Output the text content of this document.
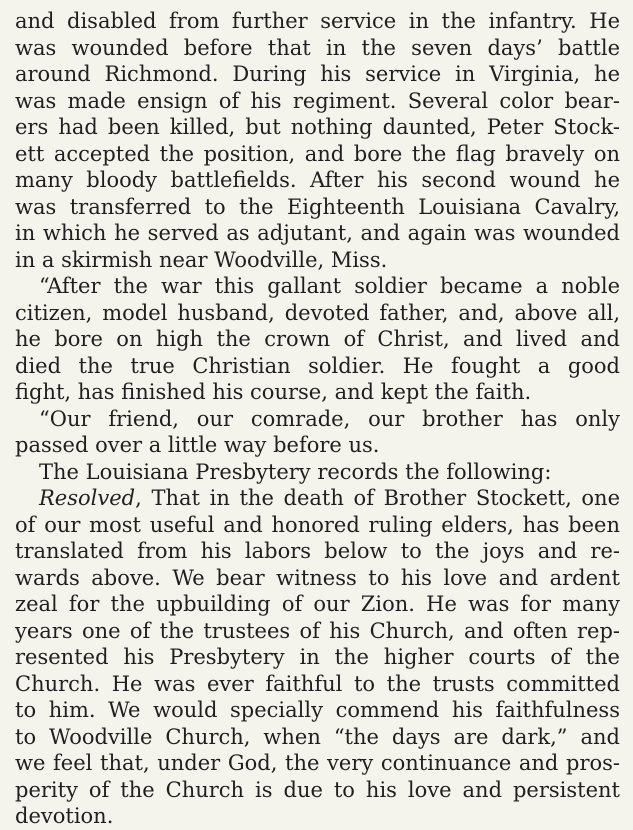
and disabled from further service in the infantry. He
was wounded before that in the seven days’ battle
around Richmond. During his service in Virginia, he
was made ensign of his regiment. Several color bear-
ers had been killed, but nothing daunted, Peter Stock-
ett accepted the position, and bore the flag bravely on
many bloody battlefields. After his second wound he
was transferred to the Eighteenth Louisiana Cavalry,
in which he served as adjutant, and again was wounded
in a skirmish near Woodville, Miss.
“After the war this gallant soldier became a noble
citizen, model husband, devoted father, and, above all,
he bore on high the crown of Christ, and lived and
died the true Christian soldier. He fought a good
fight, has finished his course, and kept the faith.
“Our friend, our comrade, our brother has only
passed over a little way before us.
The Louisiana Presbytery records the following:
Resolved, That in the death of Brother Stockett, one
of our most useful and honored ruling elders, has been
translated from his labors below to the joys and re-
wards above. We bear witness to his love and ardent
zeal for the upbuilding of our Zion. He was for many
years one of the trustees of his Church, and often rep-
resented his Presbytery in the higher courts of the
Church. He was ever faithful to the trusts committed
to him. We would specially commend his faithfulness
to Woodville Church, when “the days are dark,” and
we feel that, under God, the very continuance and pros-
perity of the Church is due to his love and persistent
devotion.
